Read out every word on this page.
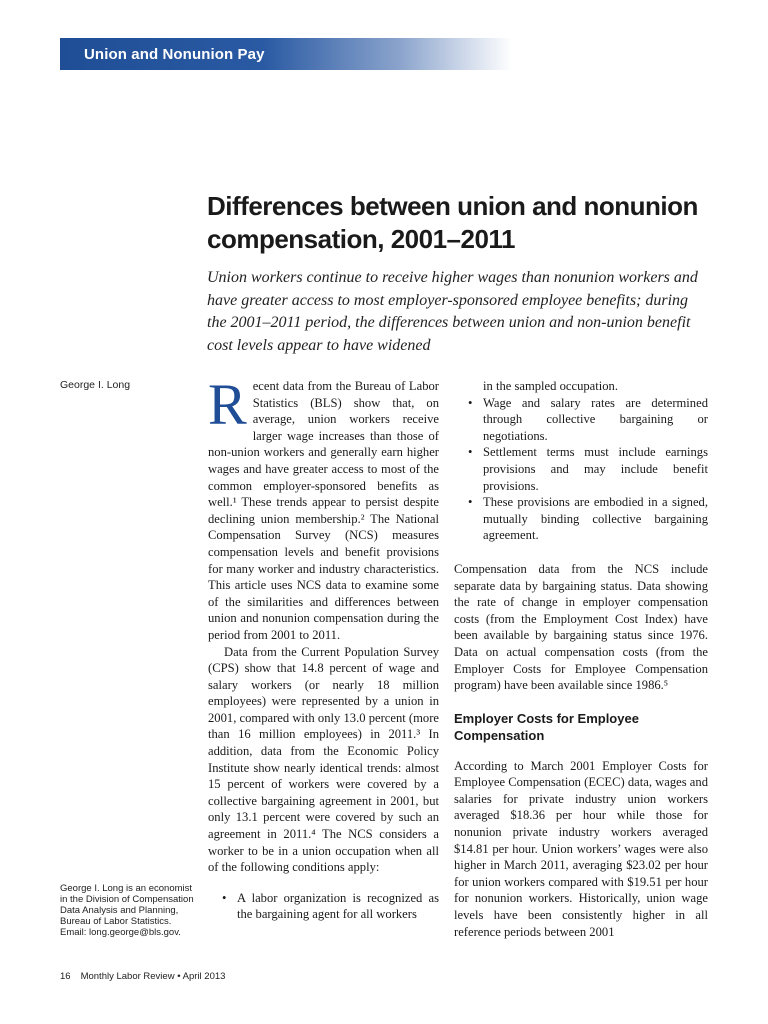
Union and Nonunion Pay
Differences between union and nonunion compensation, 2001–2011

Union workers continue to receive higher wages than nonunion workers and have greater access to most employer-sponsored employee benefits; during the 2001–2011 period, the differences between union and non-union benefit cost levels appear to have widened

George I. Long Recent data from the Bureau of Labor Statistics (BLS) show that, on average, union workers receive larger wage increases than those of non-union workers and generally earn higher wages and have greater access to most of the common employer-sponsored benefits as well.¹ These trends appear to persist despite declining union membership.² The National Compensation Survey (NCS) measures compensation levels and benefit provisions for many worker and industry characteristics. This article uses NCS data to examine some of the similarities and differences between union and nonunion compensation during the period from 2001 to 2011.

Data from the Current Population Survey (CPS) show that 14.8 percent of wage and salary workers (or nearly 18 million employees) were represented by a union in 2001, compared with only 13.0 percent (more than 16 million employees) in 2011.³ In addition, data from the Economic Policy Institute show nearly identical trends: almost 15 percent of workers were covered by a collective bargaining agreement in 2001, but only 13.1 percent were covered by such an agreement in 2011.⁴ The NCS considers a worker to be in a union occupation when all of the following conditions apply:

• A labor organization is recognized as the bargaining agent for all workers

in the sampled occupation.

• Wage and salary rates are determined through collective bargaining or negotiations.
• Settlement terms must include earnings provisions and may include benefit provisions.
• These provisions are embodied in a signed, mutually binding collective bargaining agreement.

Compensation data from the NCS include separate data by bargaining status. Data showing the rate of change in employer compensation costs (from the Employment Cost Index) have been available by bargaining status since 1976. Data on actual compensation costs (from the Employer Costs for Employee Compensation program) have been available since 1986.⁵

Employer Costs for Employee Compensation

According to March 2001 Employer Costs for Employee Compensation (ECEC) data, wages and salaries for private industry union workers averaged $18.36 per hour while those for nonunion private industry workers averaged $14.81 per hour. Union workers’ wages were also higher in March 2011, averaging $23.02 per hour for union workers compared with $19.51 per hour for nonunion workers. Historically, union wage levels have been consistently higher in all reference periods between 2001

George I. Long is an economist in the Division of Compensation Data Analysis and Planning, Bureau of Labor Statistics. Email: long.george@bls.gov.

16 Monthly Labor Review • April 2013
